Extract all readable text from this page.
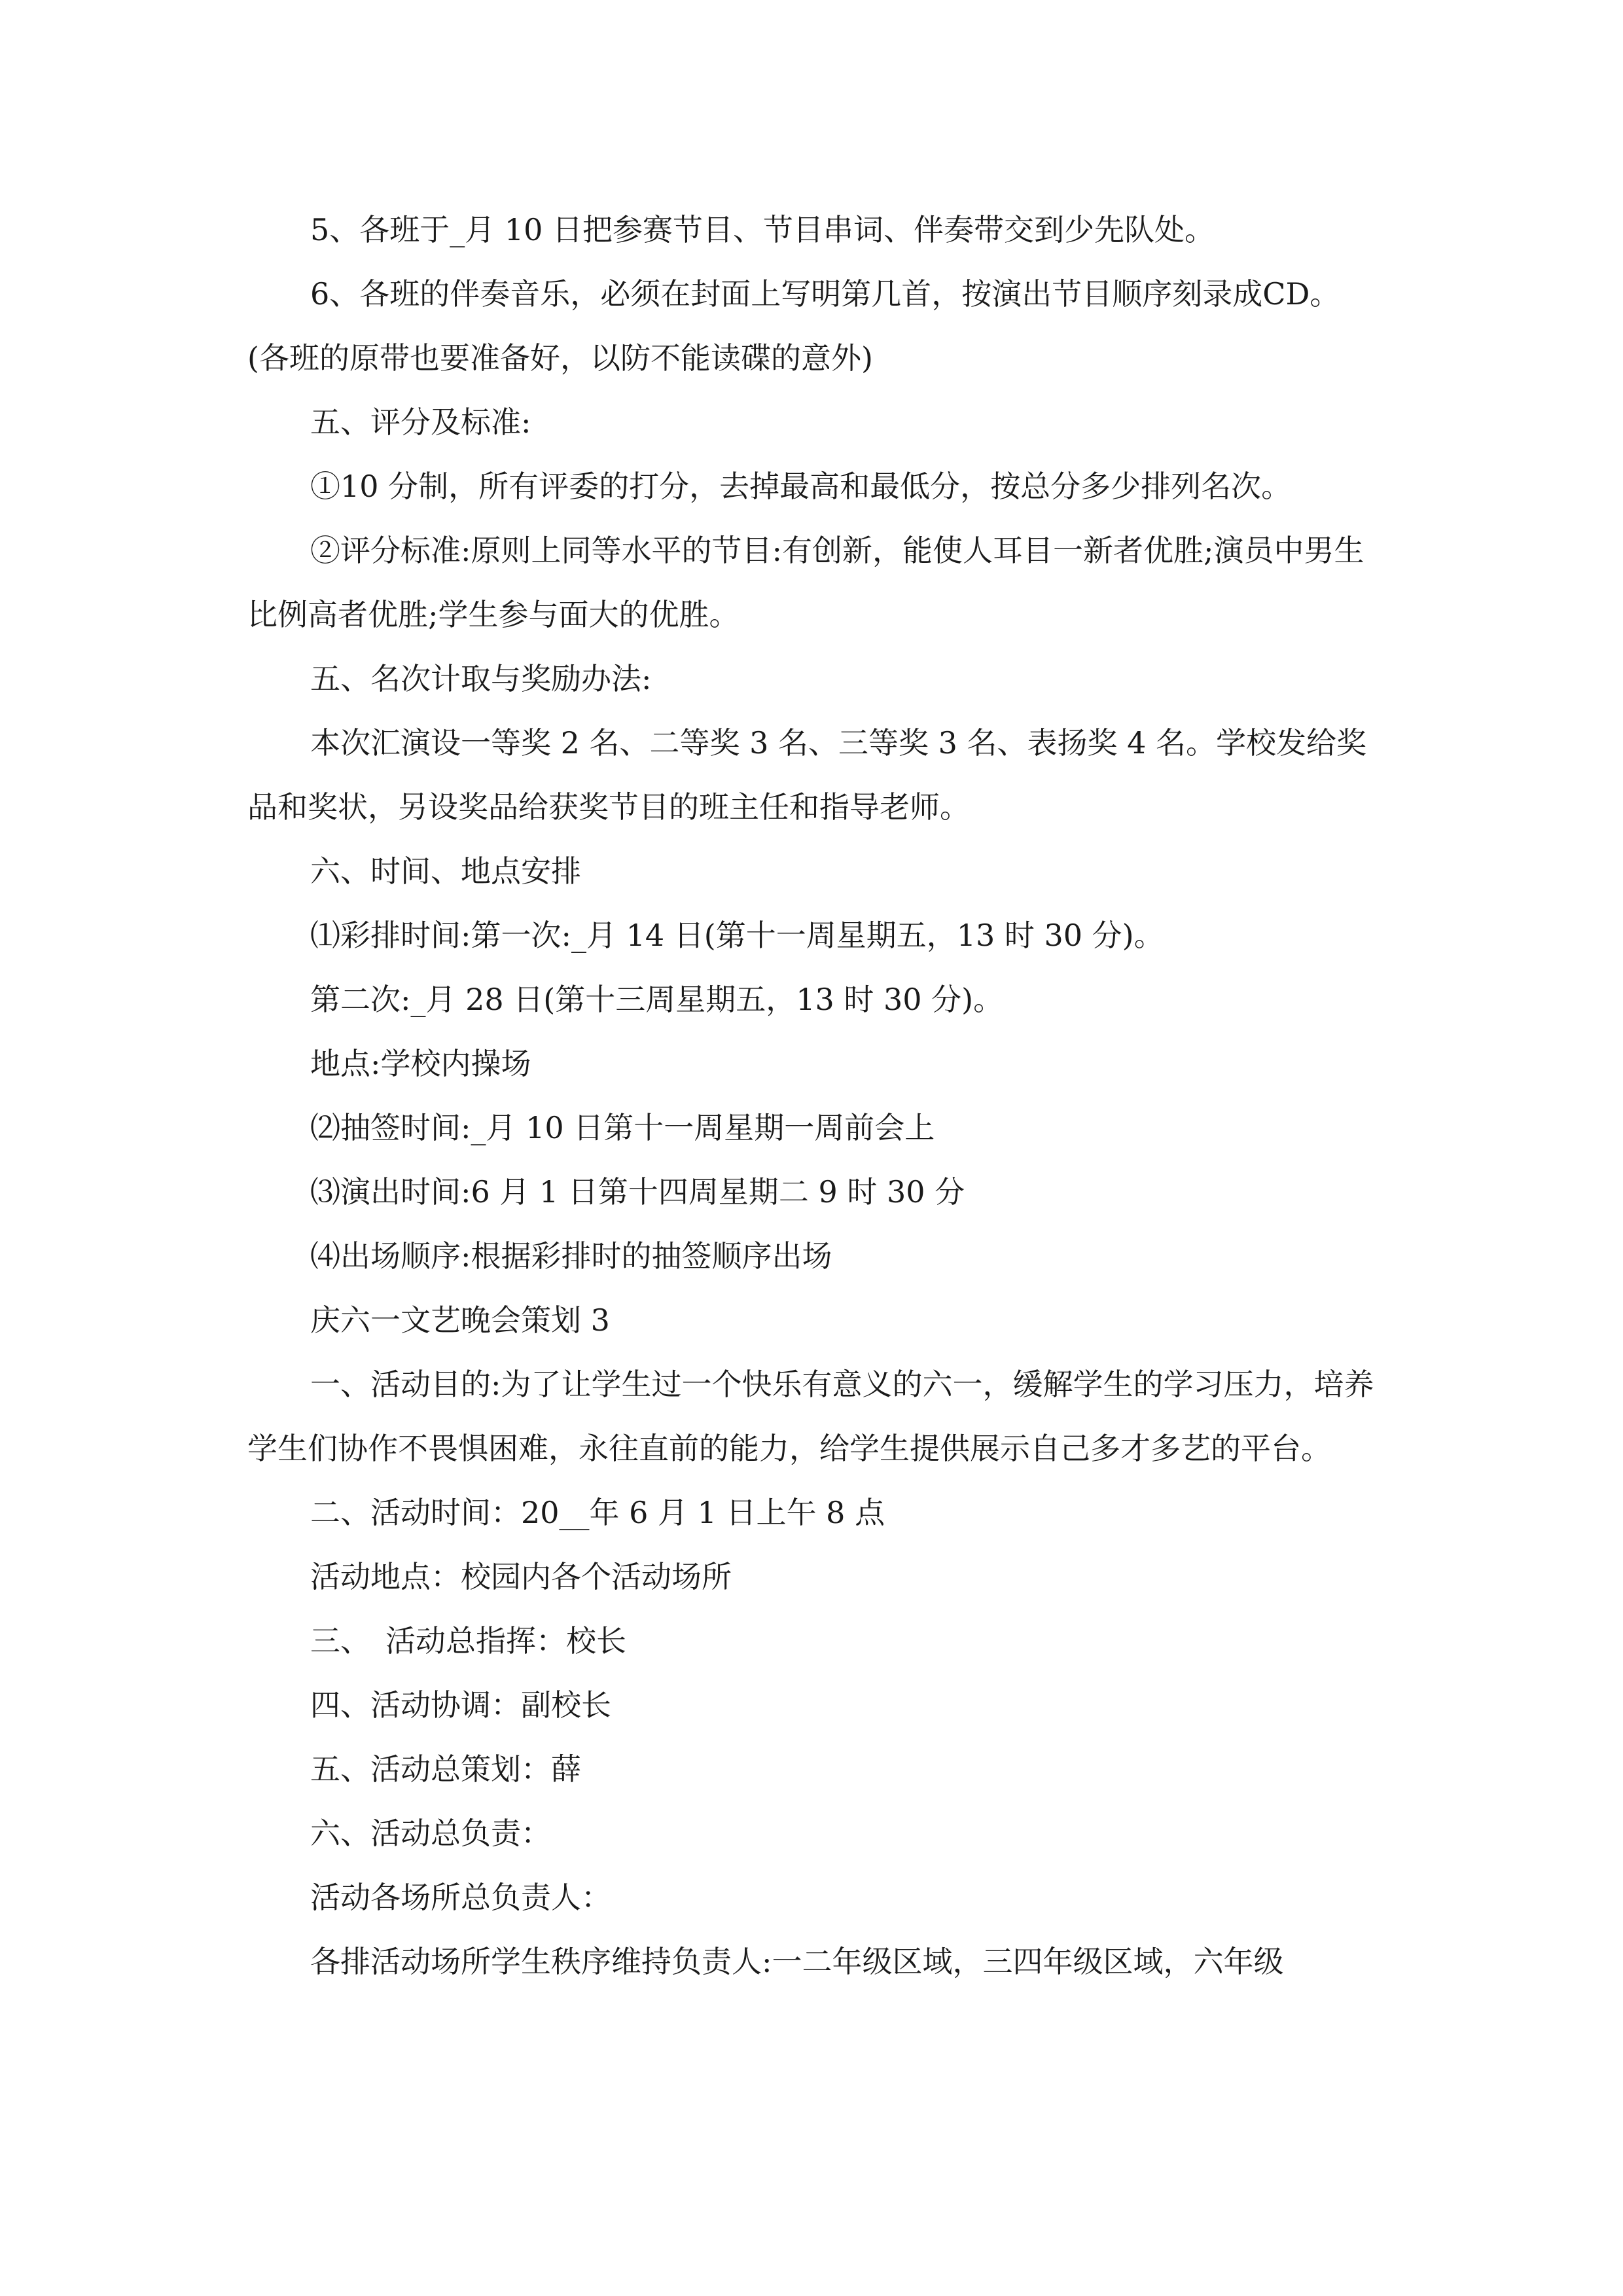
5、各班于_月 10 日把参赛节目、节目串词、伴奏带交到少先队处。

6、各班的伴奏音乐，必须在封面上写明第几首，按演出节目顺序刻录成CD。(各班的原带也要准备好，以防不能读碟的意外)

五、评分及标准:

①10 分制，所有评委的打分，去掉最高和最低分，按总分多少排列名次。

②评分标准:原则上同等水平的节目:有创新，能使人耳目一新者优胜;演员中男生比例高者优胜;学生参与面大的优胜。

五、名次计取与奖励办法:

本次汇演设一等奖 2 名、二等奖 3 名、三等奖 3 名、表扬奖 4 名。学校发给奖品和奖状，另设奖品给获奖节目的班主任和指导老师。

六、时间、地点安排

⑴彩排时间:第一次:_月 14 日(第十一周星期五，13 时 30 分)。

第二次:_月 28 日(第十三周星期五，13 时 30 分)。

地点:学校内操场

⑵抽签时间:_月 10 日第十一周星期一周前会上

⑶演出时间:6 月 1 日第十四周星期二 9 时 30 分

⑷出场顺序:根据彩排时的抽签顺序出场

庆六一文艺晚会策划 3

一、活动目的:为了让学生过一个快乐有意义的六一，缓解学生的学习压力，培养学生们协作不畏惧困难，永往直前的能力，给学生提供展示自己多才多艺的平台。

二、活动时间：20__年 6 月 1 日上午 8 点

活动地点：校园内各个活动场所

三、　活动总指挥：校长

四、活动协调：副校长

五、活动总策划：薛

六、活动总负责：

活动各场所总负责人：

各排活动场所学生秩序维持负责人:一二年级区域，三四年级区域，六年级
